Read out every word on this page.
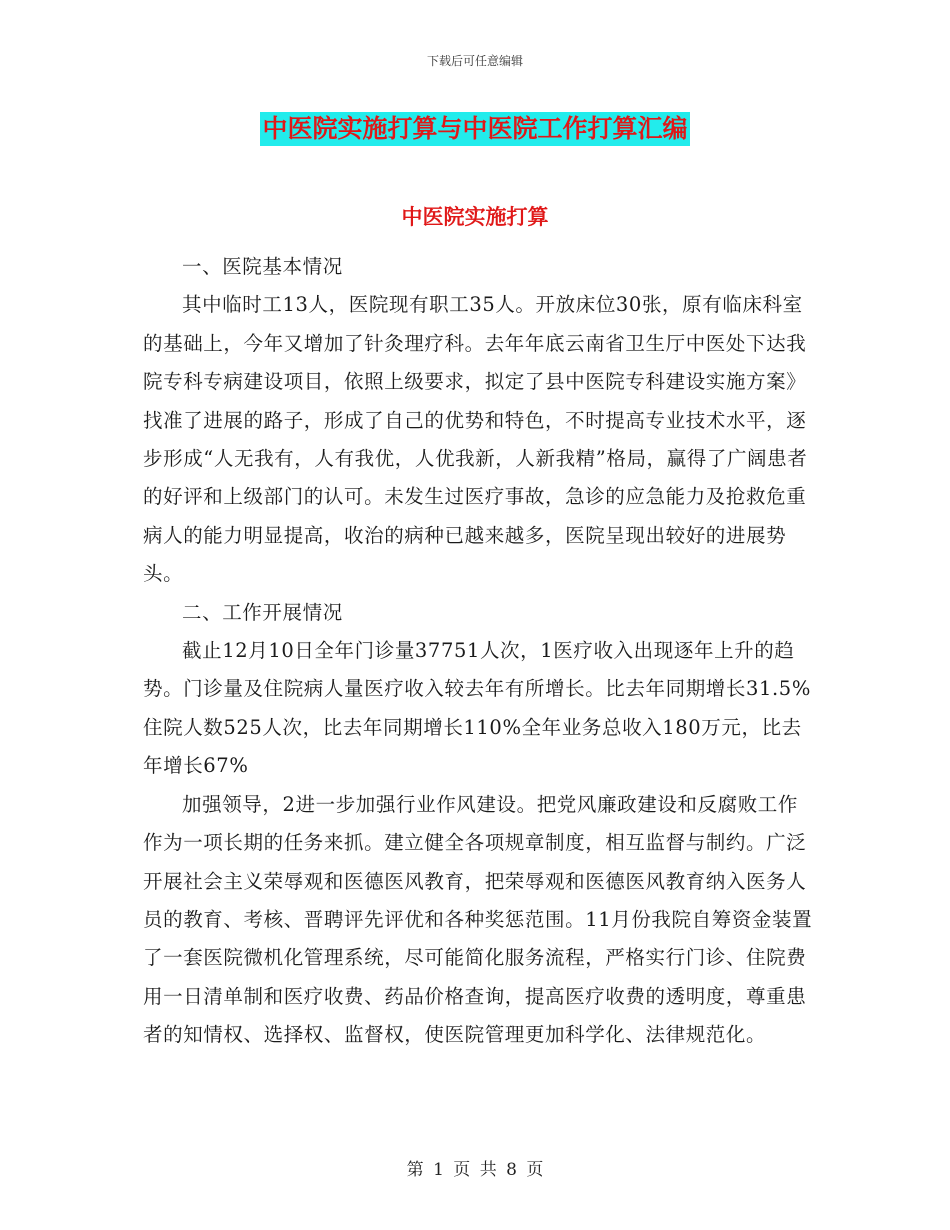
下载后可任意编辑
中医院实施打算与中医院工作打算汇编
中医院实施打算

一、医院基本情况

其中临时工13人，医院现有职工35人。开放床位30张，原有临床科室的基础上，今年又增加了针灸理疗科。去年年底云南省卫生厅中医处下达我院专科专病建设项目，依照上级要求，拟定了县中医院专科建设实施方案》找准了进展的路子，形成了自己的优势和特色，不时提高专业技术水平，逐步形成“人无我有，人有我优，人优我新，人新我精”格局，赢得了广阔患者的好评和上级部门的认可。未发生过医疗事故，急诊的应急能力及抢救危重病人的能力明显提高，收治的病种已越来越多，医院呈现出较好的进展势头。

二、工作开展情况

截止12月10日全年门诊量37751人次，1医疗收入出现逐年上升的趋势。门诊量及住院病人量医疗收入较去年有所增长。比去年同期增长31.5%住院人数525人次，比去年同期增长110%全年业务总收入180万元，比去年增长67%

加强领导，2进一步加强行业作风建设。把党风廉政建设和反腐败工作作为一项长期的任务来抓。建立健全各项规章制度，相互监督与制约。广泛开展社会主义荣辱观和医德医风教育，把荣辱观和医德医风教育纳入医务人员的教育、考核、晋聘评先评优和各种奖惩范围。11月份我院自筹资金装置了一套医院微机化管理系统，尽可能简化服务流程，严格实行门诊、住院费用一日清单制和医疗收费、药品价格查询，提高医疗收费的透明度，尊重患者的知情权、选择权、监督权，使医院管理更加科学化、法律规范化。

第 1 页 共 8 页
